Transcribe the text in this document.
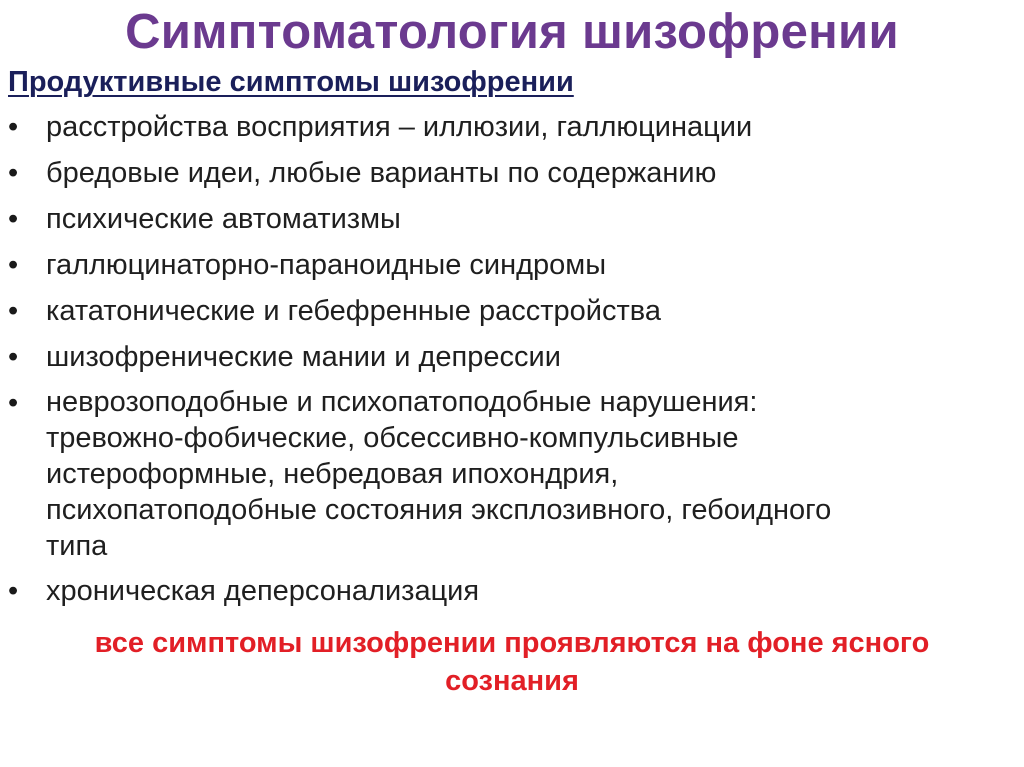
Симптоматология шизофрении
Продуктивные симптомы шизофрении
• расстройства восприятия – иллюзии, галлюцинации
• бредовые идеи, любые варианты по содержанию
• психические автоматизмы
• галлюцинаторно-параноидные синдромы
• кататонические и гебефренные расстройства
• шизофренические мании и депрессии
• неврозоподобные и психопатоподобные нарушения:
тревожно-фобические, обсессивно-компульсивные
истероформные, небредовая ипохондрия,
психопатоподобные состояния эксплозивного, гебоидного
типа
• хроническая деперсонализация
все симптомы шизофрении проявляются на фоне ясного
сознания
